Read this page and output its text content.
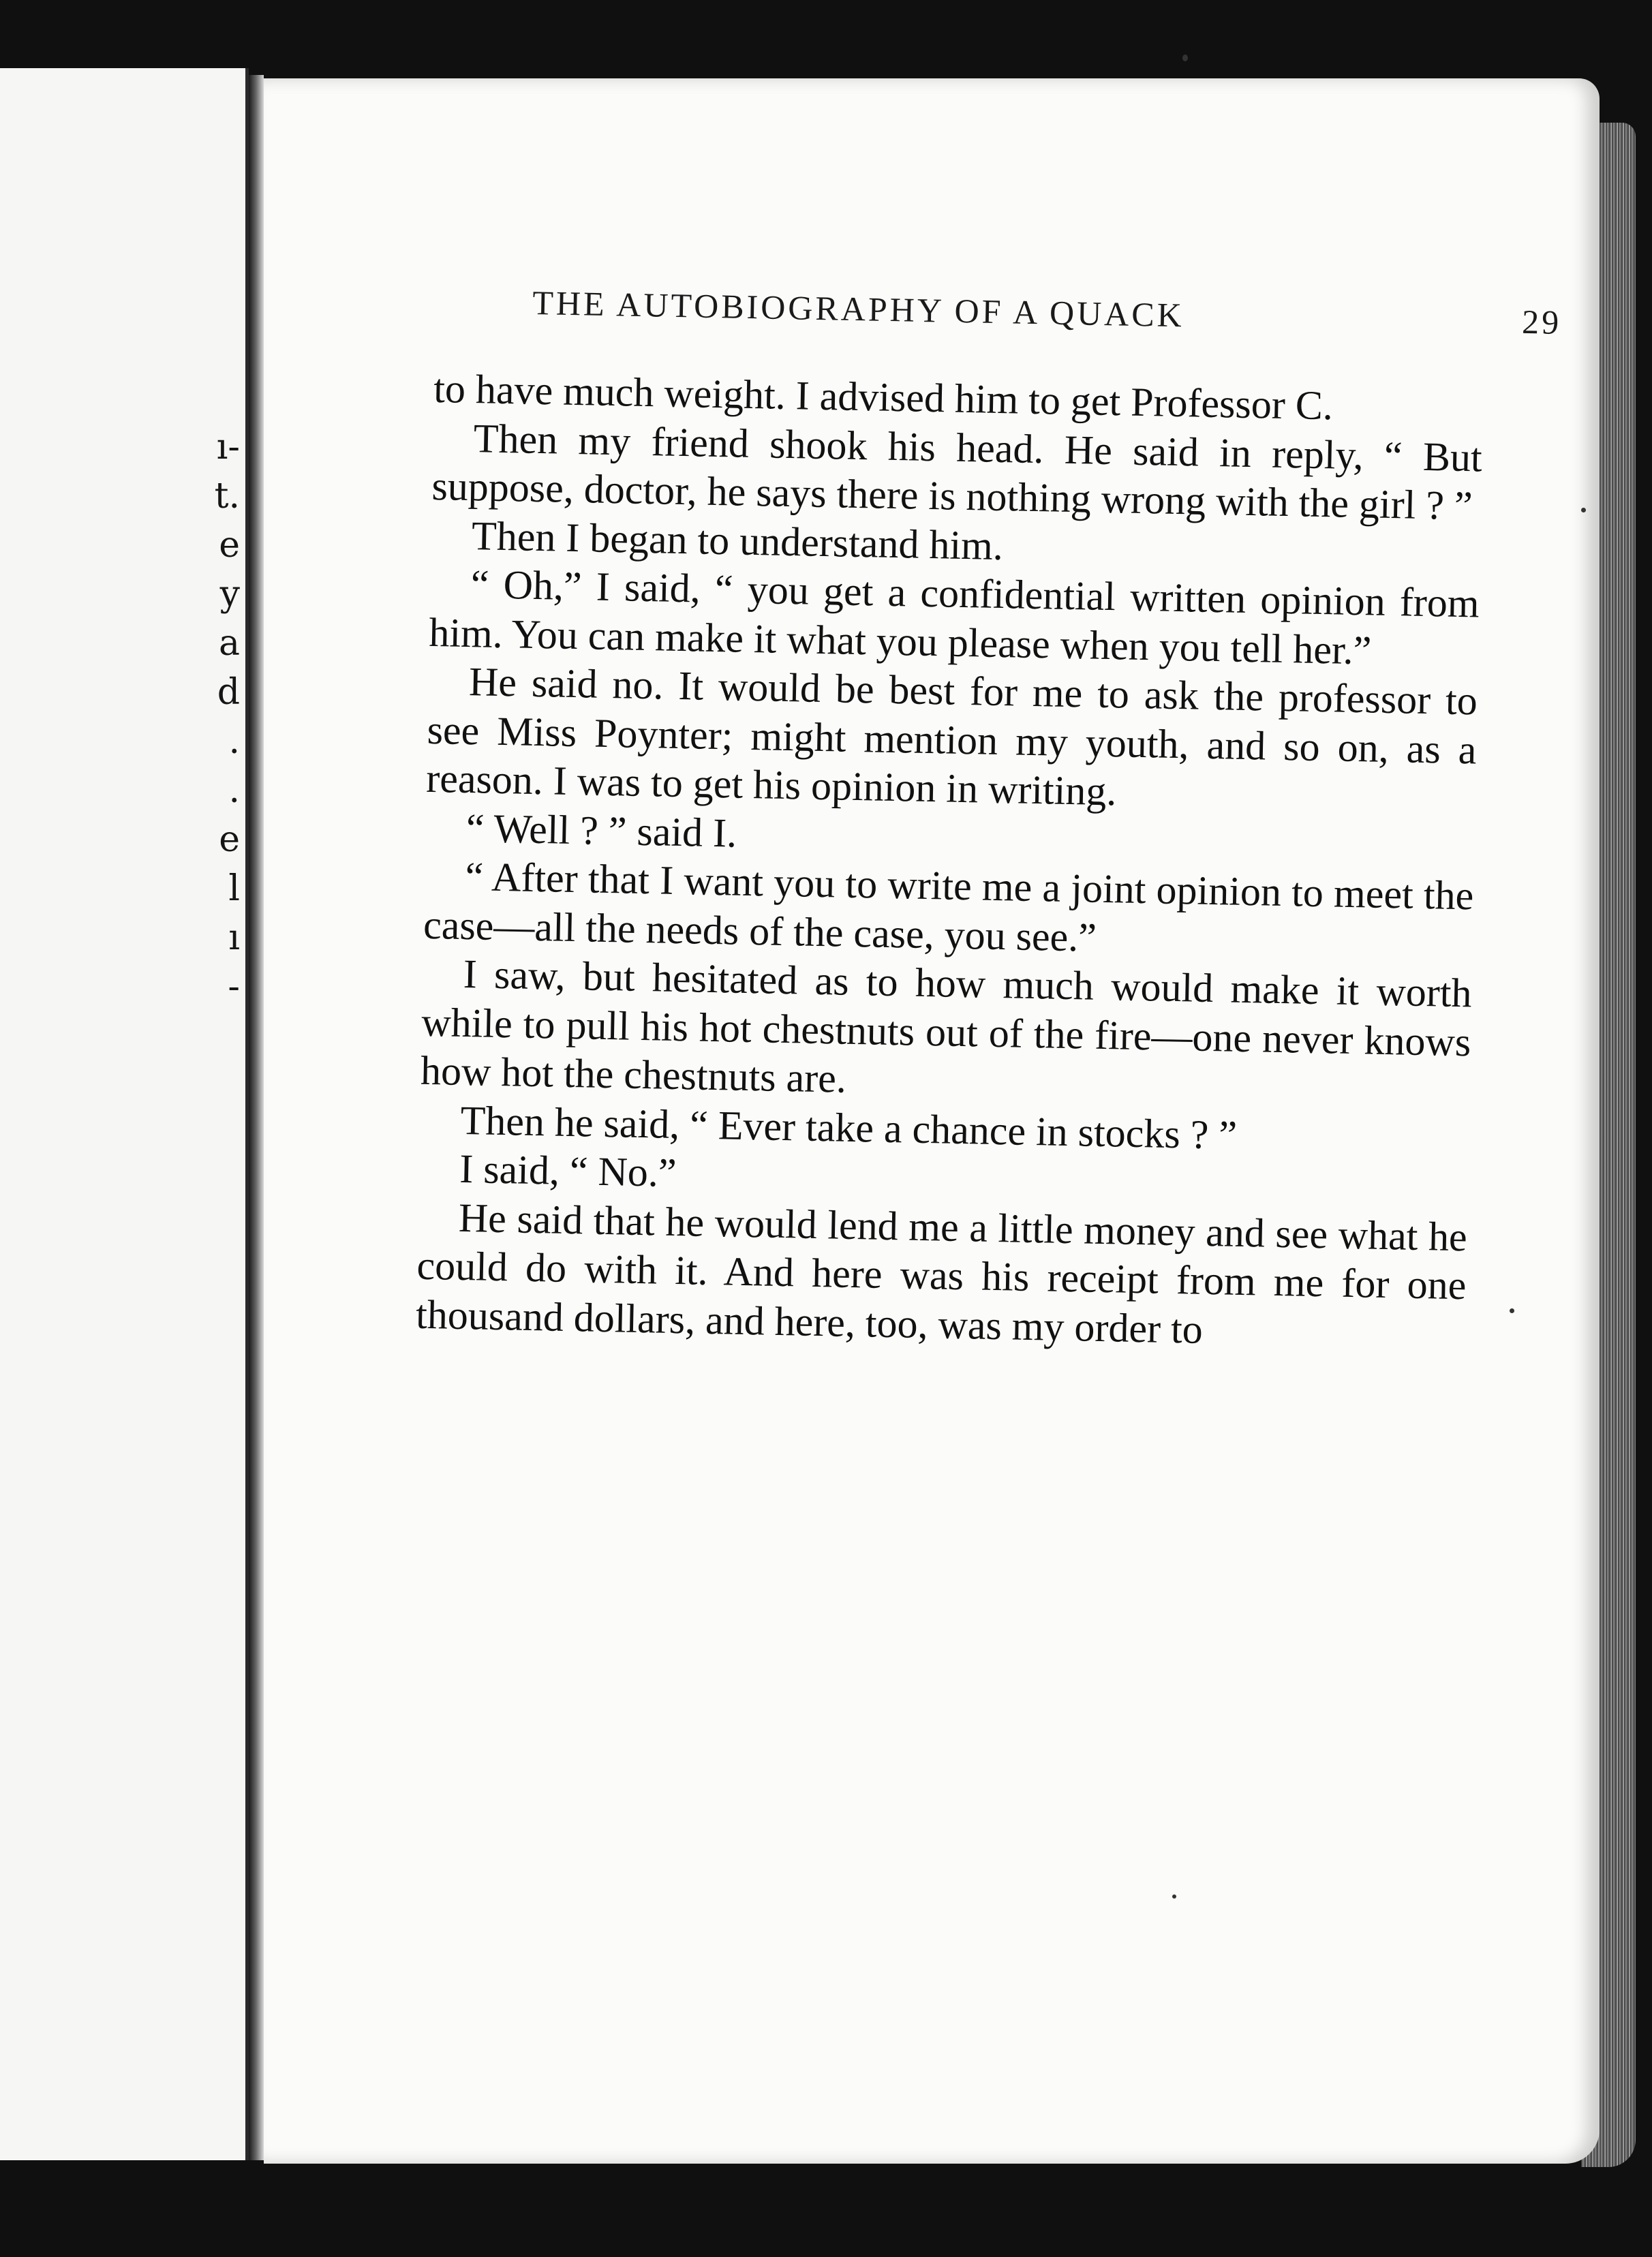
ı-
t.
e
y
a
d
.
.
e
l
ı
-
THE AUTOBIOGRAPHY OF A QUACK	29

to have much weight. I advised him to get Professor C.

Then my friend shook his head. He said in reply, “ But suppose, doctor, he says there is nothing wrong with the girl ? ”

Then I began to understand him.

“ Oh,” I said, “ you get a confidential written opinion from him. You can make it what you please when you tell her.”

He said no. It would be best for me to ask the professor to see Miss Poynter; might mention my youth, and so on, as a reason. I was to get his opinion in writing.

“ Well ? ” said I.

“ After that I want you to write me a joint opinion to meet the case—all the needs of the case, you see.”

I saw, but hesitated as to how much would make it worth while to pull his hot chestnuts out of the fire—one never knows how hot the chestnuts are.

Then he said, “ Ever take a chance in stocks ? ”

I said, “ No.”

He said that he would lend me a little money and see what he could do with it. And here was his receipt from me for one thousand dollars, and here, too, was my order to
